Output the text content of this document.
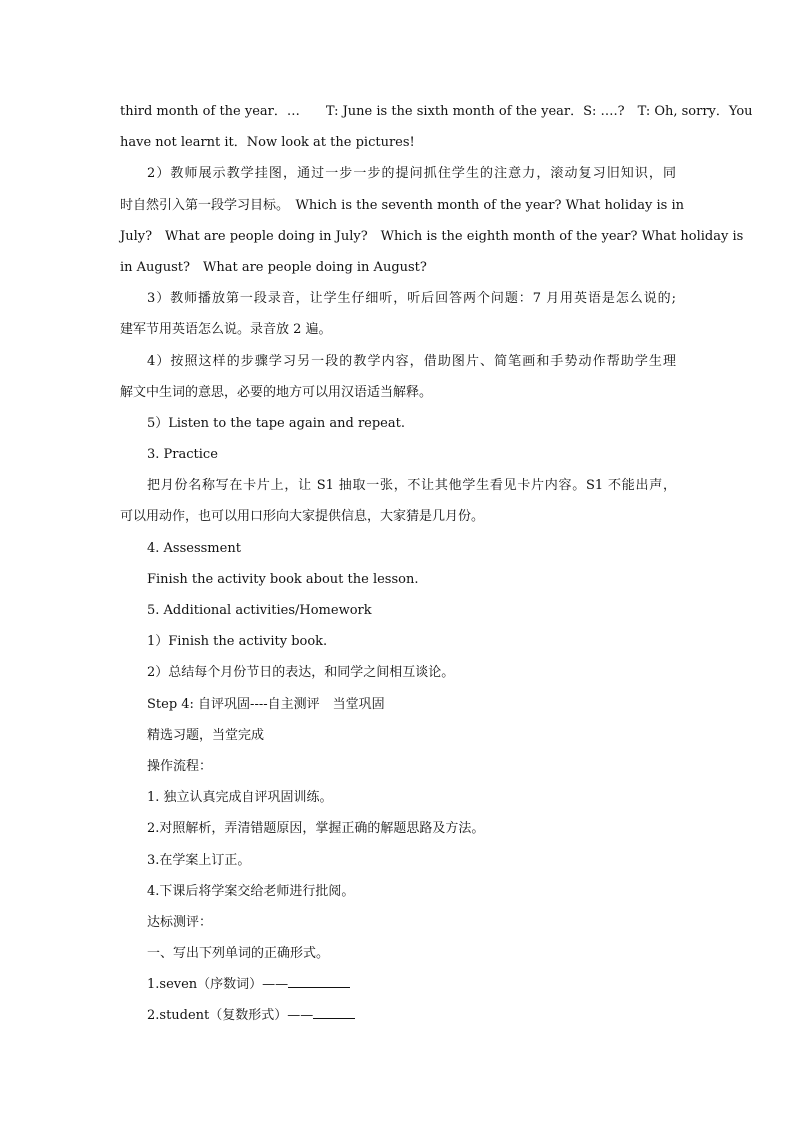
third month of the year．…　　T: June is the sixth month of the year．S: ….?　T: Oh, sorry．You
have not learnt it．Now look at the pictures!
2）教师展示教学挂图，通过一步一步的提问抓住学生的注意力，滚动复习旧知识，同
时自然引入第一段学习目标。　Which is the seventh month of the year? What holiday is in
July?　What are people doing in July?　Which is the eighth month of the year? What holiday is
in August?　What are people doing in August?
3）教师播放第一段录音，让学生仔细听，听后回答两个问题：7 月用英语是怎么说的;
建军节用英语怎么说。录音放 2 遍。
4）按照这样的步骤学习另一段的教学内容，借助图片、简笔画和手势动作帮助学生理
解文中生词的意思，必要的地方可以用汉语适当解释。
5）Listen to the tape again and repeat.
3. Practice
把月份名称写在卡片上，让 S1 抽取一张，不让其他学生看见卡片内容。S1 不能出声，
可以用动作，也可以用口形向大家提供信息，大家猜是几月份。
4. Assessment
Finish the activity book about the lesson.
5. Additional activities/Homework
1）Finish the activity book.
2）总结每个月份节日的表达，和同学之间相互谈论。
Step 4: 自评巩固----自主测评　当堂巩固
精选习题，当堂完成
操作流程：
1. 独立认真完成自评巩固训练。
2.对照解析，弄清错题原因，掌握正确的解题思路及方法。
3.在学案上订正。
4.下课后将学案交给老师进行批阅。
达标测评：
一、写出下列单词的正确形式。
1.seven（序数词）——
2.student（复数形式）——
